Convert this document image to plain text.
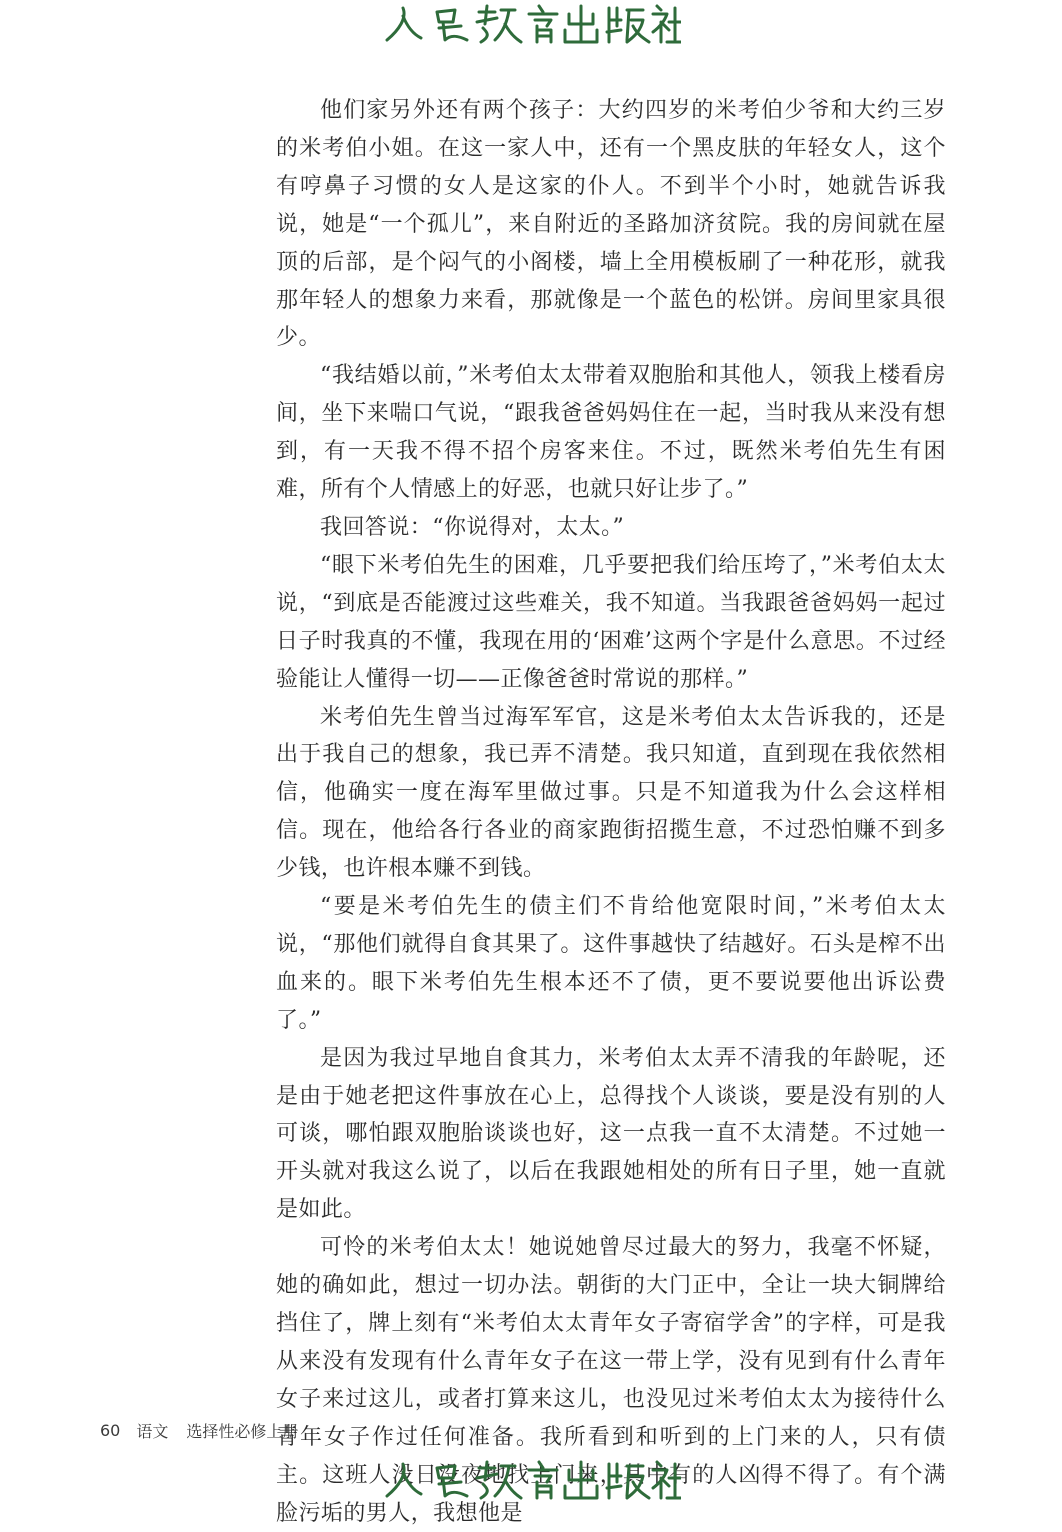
他们家另外还有两个孩子：大约四岁的米考伯少爷和大约三岁的米考伯小姐。在这一家人中，还有一个黑皮肤的年轻女人，这个有哼鼻子习惯的女人是这家的仆人。不到半个小时，她就告诉我说，她是“一个孤儿”，来自附近的圣路加济贫院。我的房间就在屋顶的后部，是个闷气的小阁楼，墙上全用模板刷了一种花形，就我那年轻人的想象力来看，那就像是一个蓝色的松饼。房间里家具很少。

“我结婚以前，”米考伯太太带着双胞胎和其他人，领我上楼看房间，坐下来喘口气说，“跟我爸爸妈妈住在一起，当时我从来没有想到，有一天我不得不招个房客来住。不过，既然米考伯先生有困难，所有个人情感上的好恶，也就只好让步了。”

我回答说：“你说得对，太太。”

“眼下米考伯先生的困难，几乎要把我们给压垮了，”米考伯太太说，“到底是否能渡过这些难关，我不知道。当我跟爸爸妈妈一起过日子时我真的不懂，我现在用的‘困难’这两个字是什么意思。不过经验能让人懂得一切——正像爸爸时常说的那样。”

米考伯先生曾当过海军军官，这是米考伯太太告诉我的，还是出于我自己的想象，我已弄不清楚。我只知道，直到现在我依然相信，他确实一度在海军里做过事。只是不知道我为什么会这样相信。现在，他给各行各业的商家跑街招揽生意，不过恐怕赚不到多少钱，也许根本赚不到钱。

“要是米考伯先生的债主们不肯给他宽限时间，”米考伯太太说，“那他们就得自食其果了。这件事越快了结越好。石头是榨不出血来的。眼下米考伯先生根本还不了债，更不要说要他出诉讼费了。”

是因为我过早地自食其力，米考伯太太弄不清我的年龄呢，还是由于她老把这件事放在心上，总得找个人谈谈，要是没有别的人可谈，哪怕跟双胞胎谈谈也好，这一点我一直不太清楚。不过她一开头就对我这么说了，以后在我跟她相处的所有日子里，她一直就是如此。

可怜的米考伯太太！她说她曾尽过最大的努力，我毫不怀疑，她的确如此，想过一切办法。朝街的大门正中，全让一块大铜牌给挡住了，牌上刻有“米考伯太太青年女子寄宿学舍”的字样，可是我从来没有发现有什么青年女子在这一带上学，没有见到有什么青年女子来过这儿，或者打算来这儿，也没见过米考伯太太为接待什么青年女子作过任何准备。我所看到和听到的上门来的人，只有债主。这班人没日没夜地找上门来，其中有的人凶得不得了。有个满脸污垢的男人，我想他是

60 语文 选择性必修上册
